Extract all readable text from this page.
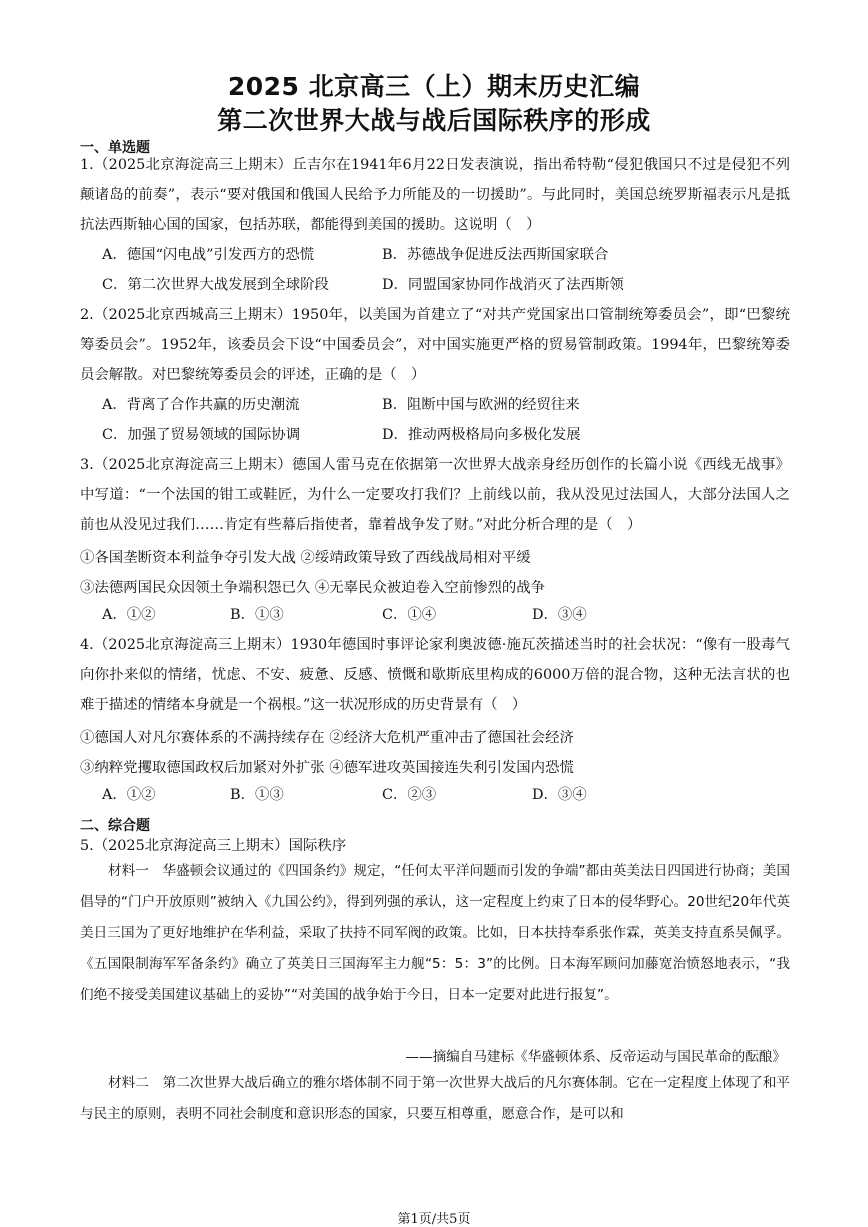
2025 北京高三（上）期末历史汇编
第二次世界大战与战后国际秩序的形成
一、单选题
1.（2025北京海淀高三上期末）丘吉尔在1941年6月22日发表演说，指出希特勒“侵犯俄国只不过是侵犯不列颠诸岛的前奏”，表示“要对俄国和俄国人民给予力所能及的一切援助”。与此同时，美国总统罗斯福表示凡是抵抗法西斯轴心国的国家，包括苏联，都能得到美国的援助。这说明（　）
A．德国“闪电战”引发西方的恐慌	B．苏德战争促进反法西斯国家联合
C．第二次世界大战发展到全球阶段	D．同盟国家协同作战消灭了法西斯领
2.（2025北京西城高三上期末）1950年，以美国为首建立了“对共产党国家出口管制统筹委员会”，即“巴黎统筹委员会”。1952年，该委员会下设“中国委员会”，对中国实施更严格的贸易管制政策。1994年，巴黎统筹委员会解散。对巴黎统筹委员会的评述，正确的是（　）
A．背离了合作共赢的历史潮流	B．阻断中国与欧洲的经贸往来
C．加强了贸易领域的国际协调	D．推动两极格局向多极化发展
3.（2025北京海淀高三上期末）德国人雷马克在依据第一次世界大战亲身经历创作的长篇小说《西线无战事》中写道：“一个法国的钳工或鞋匠，为什么一定要攻打我们？上前线以前，我从没见过法国人，大部分法国人之前也从没见过我们……肯定有些幕后指使者，靠着战争发了财。”对此分析合理的是（　）
①各国垄断资本利益争夺引发大战 ②绥靖政策导致了西线战局相对平缓
③法德两国民众因领土争端积怨已久 ④无辜民众被迫卷入空前惨烈的战争
A．①②	B．①③	C．①④	D．③④
4.（2025北京海淀高三上期末）1930年德国时事评论家利奥波德·施瓦茨描述当时的社会状况：“像有一股毒气向你扑来似的情绪，忧虑、不安、疲惫、反感、愤慨和歇斯底里构成的6000万倍的混合物，这种无法言状的也难于描述的情绪本身就是一个祸根。”这一状况形成的历史背景有（　）
①德国人对凡尔赛体系的不满持续存在 ②经济大危机严重冲击了德国社会经济
③纳粹党攫取德国政权后加紧对外扩张 ④德军进攻英国接连失利引发国内恐慌
A．①②	B．①③	C．②③	D．③④
二、综合题
5.（2025北京海淀高三上期末）国际秩序
材料一　华盛顿会议通过的《四国条约》规定，“任何太平洋问题而引发的争端”都由英美法日四国进行协商；美国倡导的“门户开放原则”被纳入《九国公约》，得到列强的承认，这一定程度上约束了日本的侵华野心。20世纪20年代英美日三国为了更好地维护在华利益，采取了扶持不同军阀的政策。比如，日本扶持奉系张作霖，英美支持直系吴佩孚。《五国限制海军军备条约》确立了英美日三国海军主力舰“5：5：3”的比例。日本海军顾问加藤宽治愤怒地表示，“我们绝不接受美国建议基础上的妥协”“对美国的战争始于今日，日本一定要对此进行报复”。
——摘编自马建标《华盛顿体系、反帝运动与国民革命的酝酿》
材料二　第二次世界大战后确立的雅尔塔体制不同于第一次世界大战后的凡尔赛体制。它在一定程度上体现了和平与民主的原则，表明不同社会制度和意识形态的国家，只要互相尊重，愿意合作，是可以和
第1页/共5页
